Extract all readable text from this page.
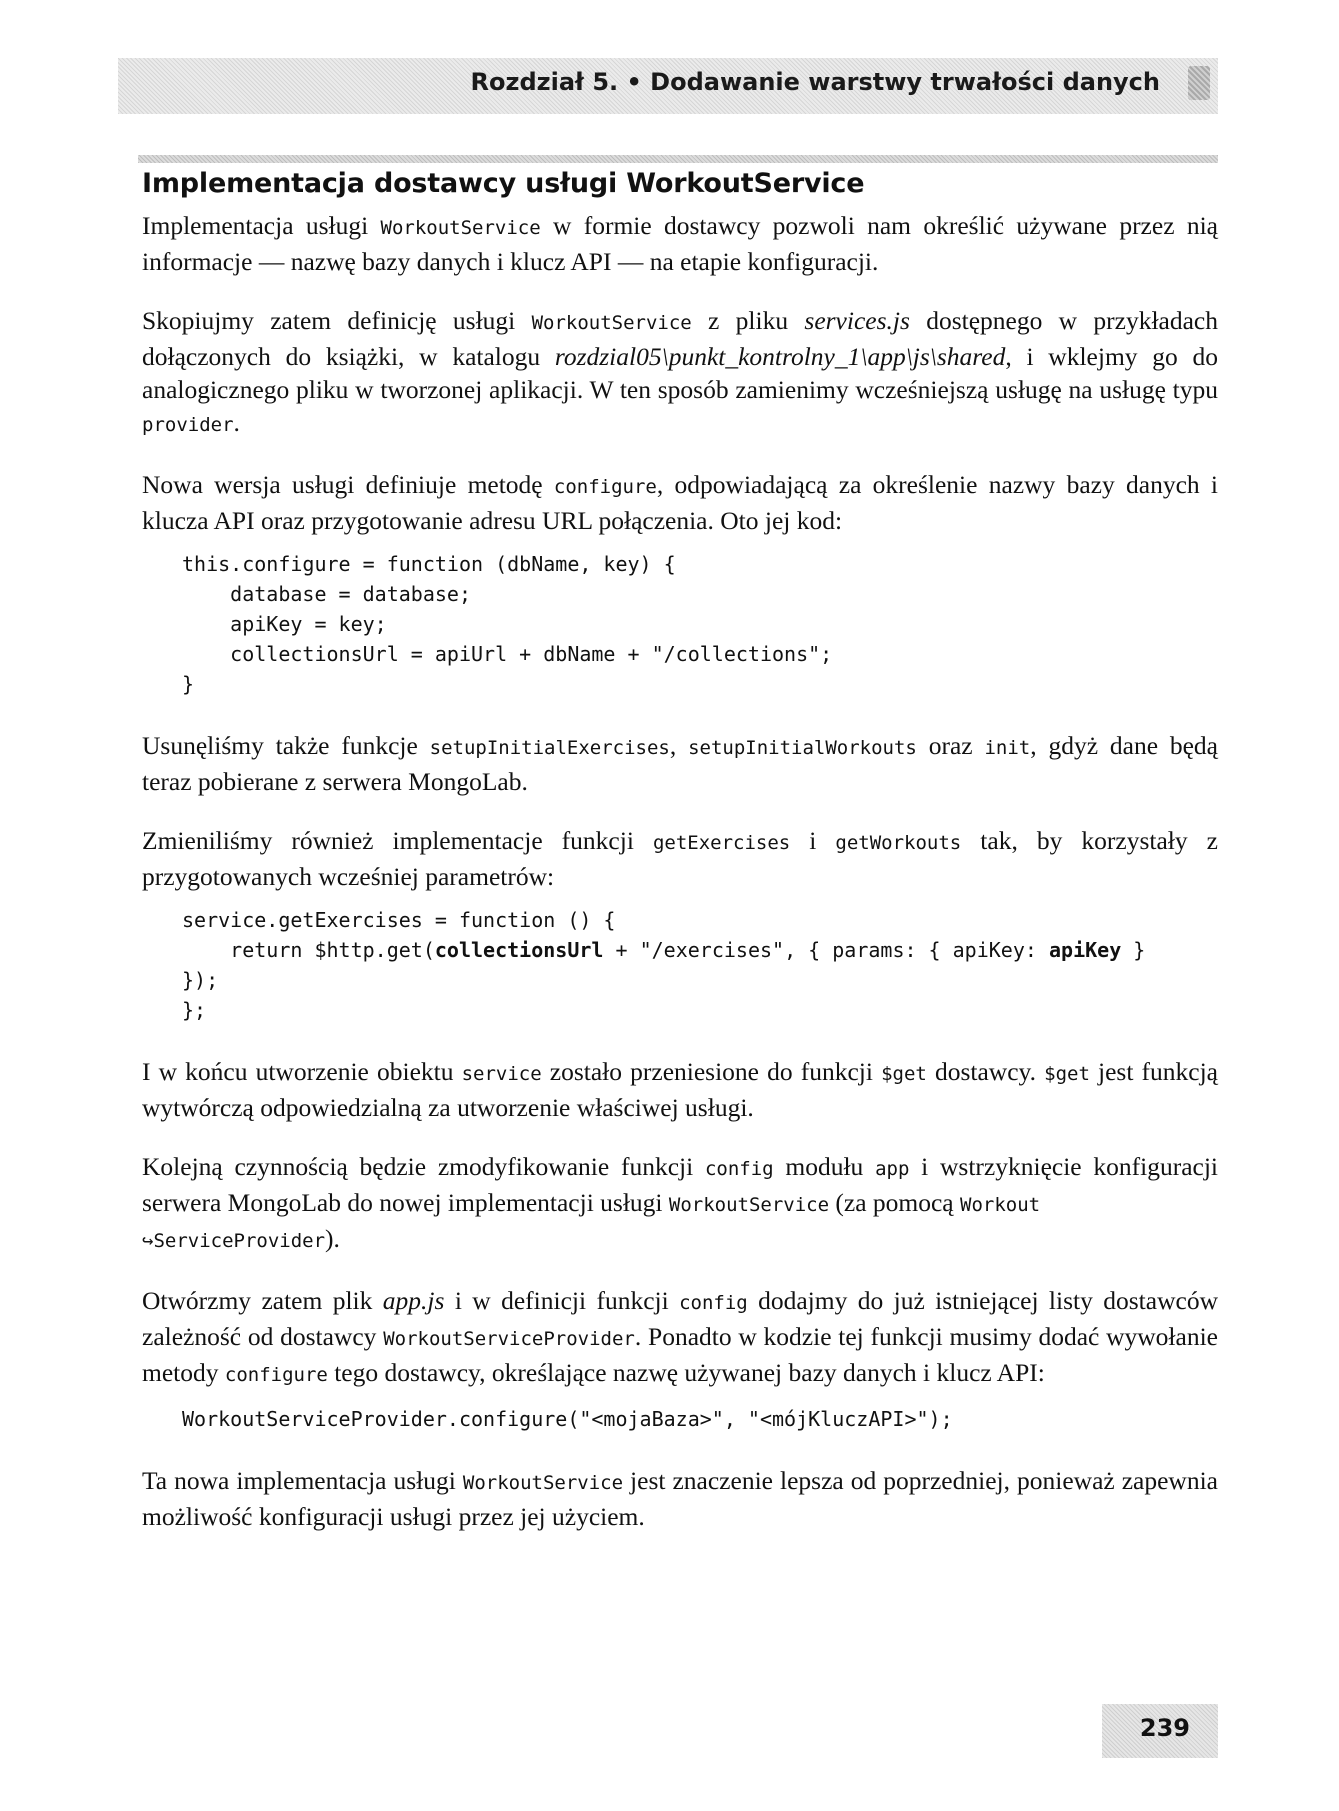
Rozdział 5. • Dodawanie warstwy trwałości danych
Implementacja dostawcy usługi WorkoutService

Implementacja usługi WorkoutService w formie dostawcy pozwoli nam określić używane przez nią informacje — nazwę bazy danych i klucz API — na etapie konfiguracji.

Skopiujmy zatem definicję usługi WorkoutService z pliku services.js dostępnego w przykładach dołączonych do książki, w katalogu rozdzial05\punkt_kontrolny_1\app\js\shared, i wklejmy go do analogicznego pliku w tworzonej aplikacji. W ten sposób zamienimy wcześniejszą usługę na usługę typu provider.

Nowa wersja usługi definiuje metodę configure, odpowiadającą za określenie nazwy bazy danych i klucza API oraz przygotowanie adresu URL połączenia. Oto jej kod:

this.configure = function (dbName, key) {
database = database;
apiKey = key;
collectionsUrl = apiUrl + dbName + "/collections";
}

Usunęliśmy także funkcje setupInitialExercises, setupInitialWorkouts oraz init, gdyż dane będą teraz pobierane z serwera MongoLab.

Zmieniliśmy również implementacje funkcji getExercises i getWorkouts tak, by korzystały z przygotowanych wcześniej parametrów:

service.getExercises = function () {
return $http.get(collectionsUrl + "/exercises", { params: { apiKey: apiKey }
});
};

I w końcu utworzenie obiektu service zostało przeniesione do funkcji $get dostawcy. $get jest funkcją wytwórczą odpowiedzialną za utworzenie właściwej usługi.

Kolejną czynnością będzie zmodyfikowanie funkcji config modułu app i wstrzyknięcie konfiguracji serwera MongoLab do nowej implementacji usługi WorkoutService (za pomocą Workout
↪ServiceProvider).

Otwórzmy zatem plik app.js i w definicji funkcji config dodajmy do już istniejącej listy dostawców zależność od dostawcy WorkoutServiceProvider. Ponadto w kodzie tej funkcji musimy dodać wywołanie metody configure tego dostawcy, określające nazwę używanej bazy danych i klucz API:

WorkoutServiceProvider.configure("<mojaBaza>", "<mójKluczAPI>");

Ta nowa implementacja usługi WorkoutService jest znaczenie lepsza od poprzedniej, ponieważ zapewnia możliwość konfiguracji usługi przez jej użyciem.

239
